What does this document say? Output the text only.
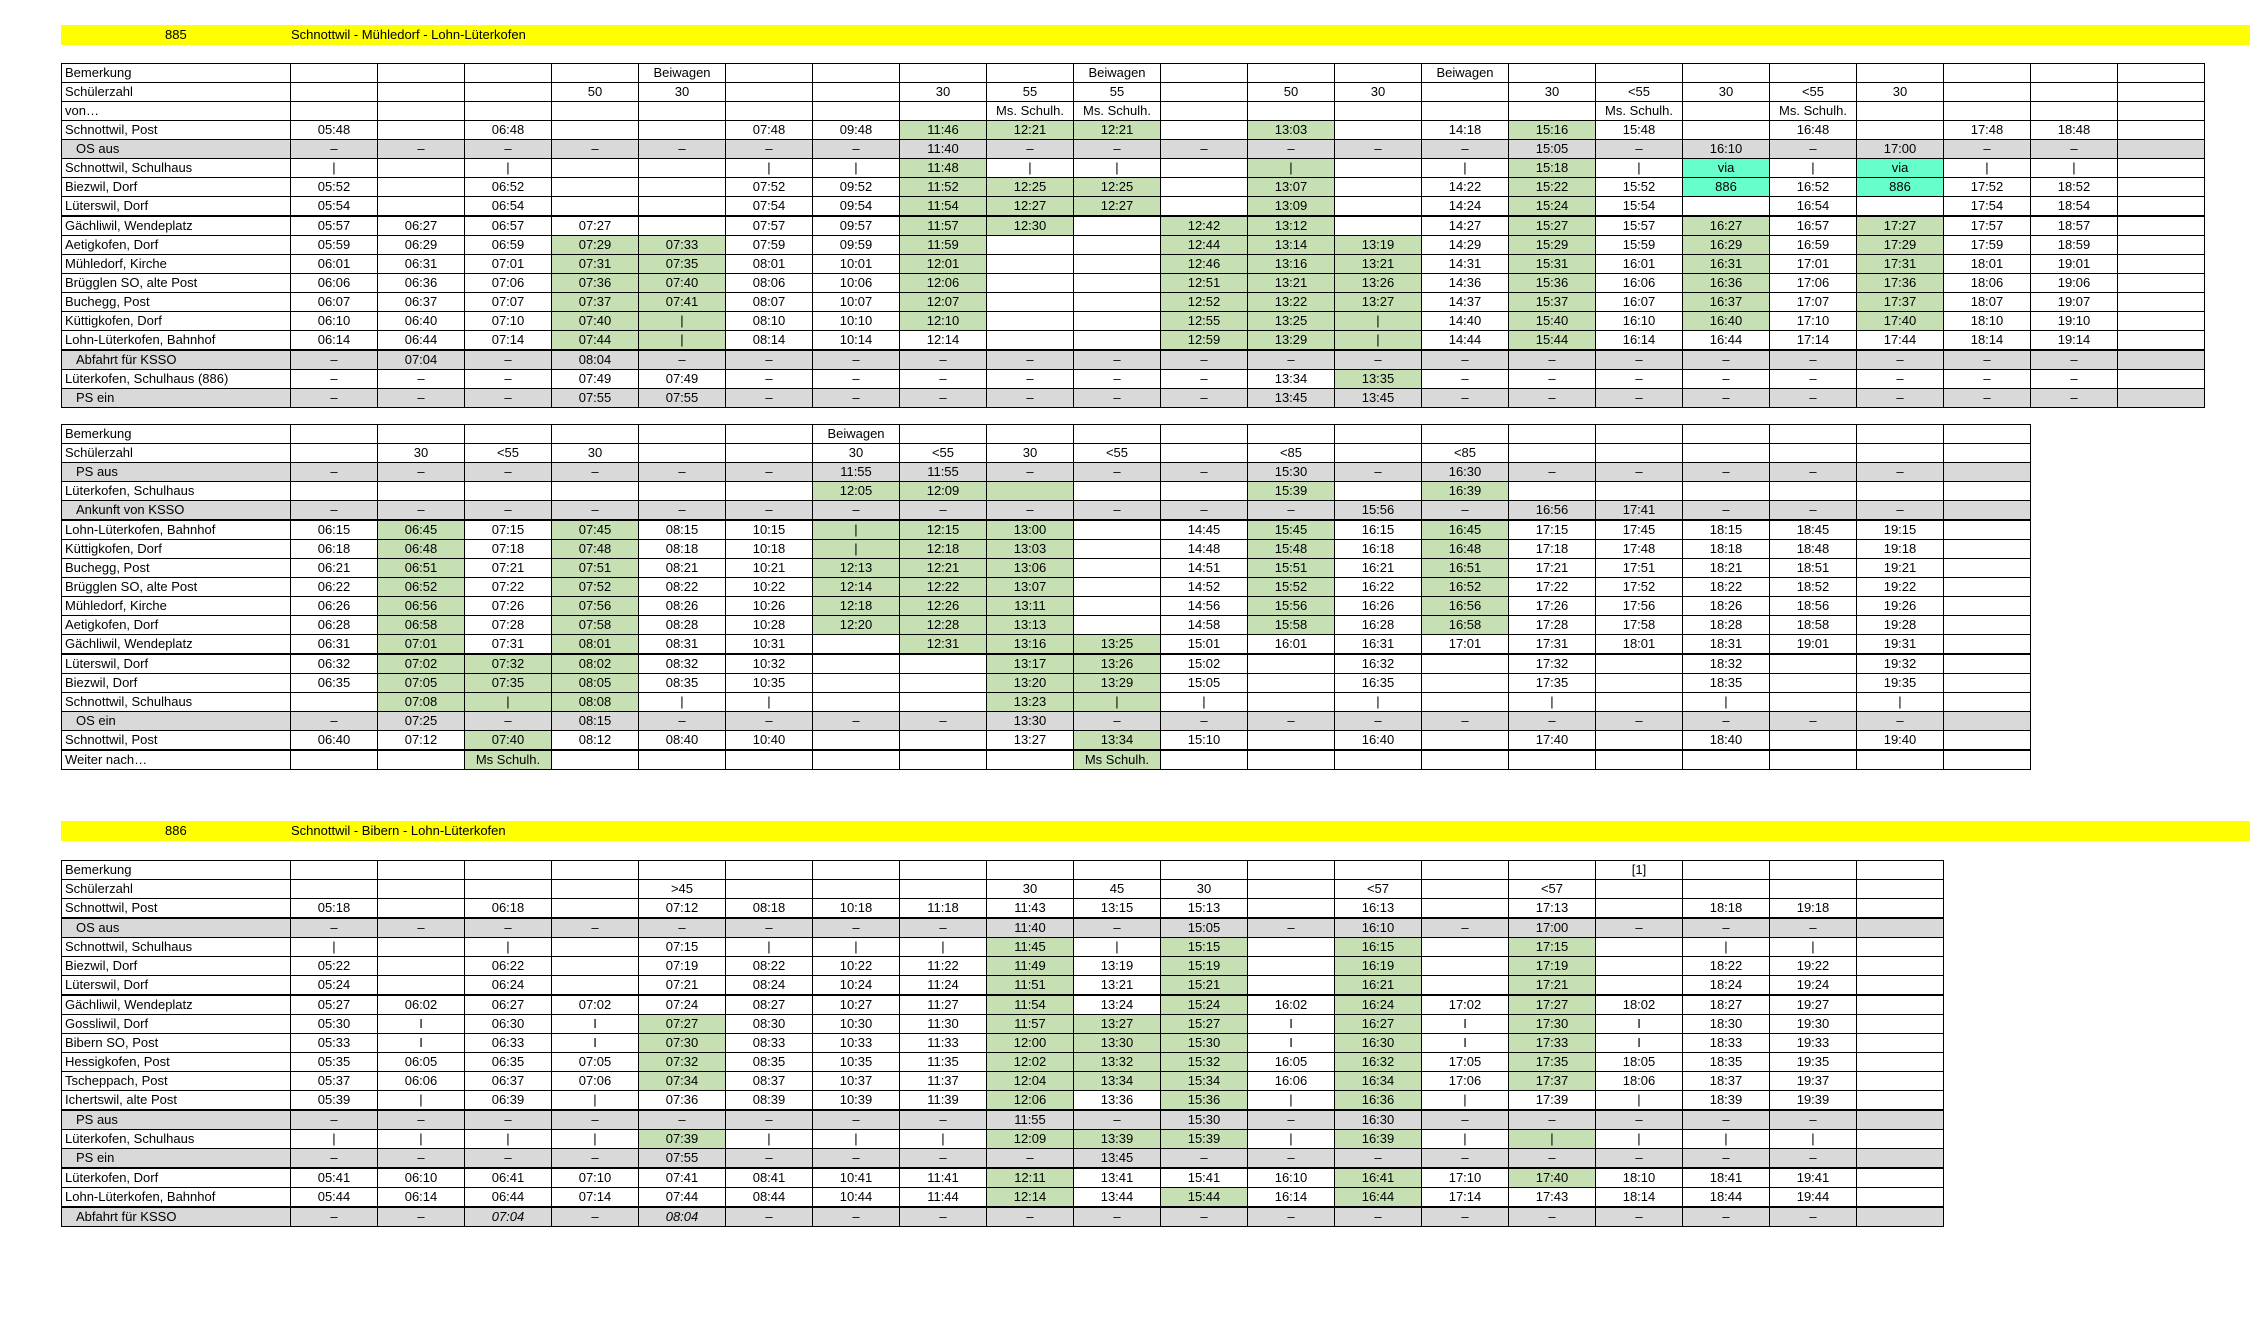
885	Schnottwil - Mühledorf - Lohn-Lüterkofen
Bemerkung					Beiwagen					Beiwagen				Beiwagen								
Schülerzahl				50	30			30	55	55		50	30		30	<55	30	<55	30			
von…									Ms. Schulh.	Ms. Schulh.						Ms. Schulh.		Ms. Schulh.				
Schnottwil, Post	05:48		06:48			07:48	09:48	11:46	12:21	12:21		13:03		14:18	15:16	15:48		16:48		17:48	18:48	
OS aus	–	–	–	–	–	–	–	11:40	–	–	–	–	–	–	15:05	–	16:10	–	17:00	–	–	
Schnottwil, Schulhaus	|		|			|	|	11:48	|	|		|		|	15:18	|	via	|	via	|	|	
Biezwil, Dorf	05:52		06:52			07:52	09:52	11:52	12:25	12:25		13:07		14:22	15:22	15:52	886	16:52	886	17:52	18:52	
Lüterswil, Dorf	05:54		06:54			07:54	09:54	11:54	12:27	12:27		13:09		14:24	15:24	15:54		16:54		17:54	18:54	
Gächliwil, Wendeplatz	05:57	06:27	06:57	07:27		07:57	09:57	11:57	12:30		12:42	13:12		14:27	15:27	15:57	16:27	16:57	17:27	17:57	18:57	
Aetigkofen, Dorf	05:59	06:29	06:59	07:29	07:33	07:59	09:59	11:59			12:44	13:14	13:19	14:29	15:29	15:59	16:29	16:59	17:29	17:59	18:59	
Mühledorf, Kirche	06:01	06:31	07:01	07:31	07:35	08:01	10:01	12:01			12:46	13:16	13:21	14:31	15:31	16:01	16:31	17:01	17:31	18:01	19:01	
Brügglen SO, alte Post	06:06	06:36	07:06	07:36	07:40	08:06	10:06	12:06			12:51	13:21	13:26	14:36	15:36	16:06	16:36	17:06	17:36	18:06	19:06	
Buchegg, Post	06:07	06:37	07:07	07:37	07:41	08:07	10:07	12:07			12:52	13:22	13:27	14:37	15:37	16:07	16:37	17:07	17:37	18:07	19:07	
Küttigkofen, Dorf	06:10	06:40	07:10	07:40	|	08:10	10:10	12:10			12:55	13:25	|	14:40	15:40	16:10	16:40	17:10	17:40	18:10	19:10	
Lohn-Lüterkofen, Bahnhof	06:14	06:44	07:14	07:44	|	08:14	10:14	12:14			12:59	13:29	|	14:44	15:44	16:14	16:44	17:14	17:44	18:14	19:14	
Abfahrt für KSSO	–	07:04	–	08:04	–	–	–	–	–	–	–	–	–	–	–	–	–	–	–	–	–	
Lüterkofen, Schulhaus (886)	–	–	–	07:49	07:49	–	–	–	–	–	–	13:34	13:35	–	–	–	–	–	–	–	–	
PS ein	–	–	–	07:55	07:55	–	–	–	–	–	–	13:45	13:45	–	–	–	–	–	–	–	–	
Bemerkung							Beiwagen													
Schülerzahl		30	<55	30			30	<55	30	<55		<85		<85						
PS aus	–	–	–	–	–	–	11:55	11:55	–	–	–	15:30	–	16:30	–	–	–	–	–	
Lüterkofen, Schulhaus							12:05	12:09				15:39		16:39						
Ankunft von KSSO	–	–	–	–	–	–	–	–	–	–	–	–	15:56	–	16:56	17:41	–	–	–	
Lohn-Lüterkofen, Bahnhof	06:15	06:45	07:15	07:45	08:15	10:15	|	12:15	13:00		14:45	15:45	16:15	16:45	17:15	17:45	18:15	18:45	19:15	
Küttigkofen, Dorf	06:18	06:48	07:18	07:48	08:18	10:18	|	12:18	13:03		14:48	15:48	16:18	16:48	17:18	17:48	18:18	18:48	19:18	
Buchegg, Post	06:21	06:51	07:21	07:51	08:21	10:21	12:13	12:21	13:06		14:51	15:51	16:21	16:51	17:21	17:51	18:21	18:51	19:21	
Brügglen SO, alte Post	06:22	06:52	07:22	07:52	08:22	10:22	12:14	12:22	13:07		14:52	15:52	16:22	16:52	17:22	17:52	18:22	18:52	19:22	
Mühledorf, Kirche	06:26	06:56	07:26	07:56	08:26	10:26	12:18	12:26	13:11		14:56	15:56	16:26	16:56	17:26	17:56	18:26	18:56	19:26	
Aetigkofen, Dorf	06:28	06:58	07:28	07:58	08:28	10:28	12:20	12:28	13:13		14:58	15:58	16:28	16:58	17:28	17:58	18:28	18:58	19:28	
Gächliwil, Wendeplatz	06:31	07:01	07:31	08:01	08:31	10:31		12:31	13:16	13:25	15:01	16:01	16:31	17:01	17:31	18:01	18:31	19:01	19:31	
Lüterswil, Dorf	06:32	07:02	07:32	08:02	08:32	10:32			13:17	13:26	15:02		16:32		17:32		18:32		19:32	
Biezwil, Dorf	06:35	07:05	07:35	08:05	08:35	10:35			13:20	13:29	15:05		16:35		17:35		18:35		19:35	
Schnottwil, Schulhaus		07:08	|	08:08	|	|			13:23	|	|		|		|		|		|	
OS ein	–	07:25	–	08:15	–	–	–	–	13:30	–	–	–	–	–	–	–	–	–	–	
Schnottwil, Post	06:40	07:12	07:40	08:12	08:40	10:40			13:27	13:34	15:10		16:40		17:40		18:40		19:40	
Weiter nach…			Ms Schulh.							Ms Schulh.										
886	Schnottwil - Bibern - Lohn-Lüterkofen
Bemerkung																[1]			
Schülerzahl					>45				30	45	30		<57		<57				
Schnottwil, Post	05:18		06:18		07:12	08:18	10:18	11:18	11:43	13:15	15:13		16:13		17:13		18:18	19:18	
OS aus	–	–	–	–	–	–	–	–	11:40	–	15:05	–	16:10	–	17:00	–	–	–	
Schnottwil, Schulhaus	|		|		07:15	|	|	|	11:45	|	15:15		16:15		17:15		|	|	
Biezwil, Dorf	05:22		06:22		07:19	08:22	10:22	11:22	11:49	13:19	15:19		16:19		17:19		18:22	19:22	
Lüterswil, Dorf	05:24		06:24		07:21	08:24	10:24	11:24	11:51	13:21	15:21		16:21		17:21		18:24	19:24	
Gächliwil, Wendeplatz	05:27	06:02	06:27	07:02	07:24	08:27	10:27	11:27	11:54	13:24	15:24	16:02	16:24	17:02	17:27	18:02	18:27	19:27	
Gossliwil, Dorf	05:30	I	06:30	I	07:27	08:30	10:30	11:30	11:57	13:27	15:27	I	16:27	I	17:30	I	18:30	19:30	
Bibern SO, Post	05:33	I	06:33	I	07:30	08:33	10:33	11:33	12:00	13:30	15:30	I	16:30	I	17:33	I	18:33	19:33	
Hessigkofen, Post	05:35	06:05	06:35	07:05	07:32	08:35	10:35	11:35	12:02	13:32	15:32	16:05	16:32	17:05	17:35	18:05	18:35	19:35	
Tscheppach, Post	05:37	06:06	06:37	07:06	07:34	08:37	10:37	11:37	12:04	13:34	15:34	16:06	16:34	17:06	17:37	18:06	18:37	19:37	
Ichertswil, alte Post	05:39	|	06:39	|	07:36	08:39	10:39	11:39	12:06	13:36	15:36	|	16:36	|	17:39	|	18:39	19:39	
PS aus	–	–	–	–	–	–	–	–	11:55	–	15:30	–	16:30	–	–	–	–	–	
Lüterkofen, Schulhaus	|	|	|	|	07:39	|	|	|	12:09	13:39	15:39	|	16:39	|	|	|	|	|	
PS ein	–	–	–	–	07:55	–	–	–	–	13:45	–	–	–	–	–	–	–	–	
Lüterkofen, Dorf	05:41	06:10	06:41	07:10	07:41	08:41	10:41	11:41	12:11	13:41	15:41	16:10	16:41	17:10	17:40	18:10	18:41	19:41	
Lohn-Lüterkofen, Bahnhof	05:44	06:14	06:44	07:14	07:44	08:44	10:44	11:44	12:14	13:44	15:44	16:14	16:44	17:14	17:43	18:14	18:44	19:44	
Abfahrt für KSSO	–	–	07:04	–	08:04	–	–	–	–	–	–	–	–	–	–	–	–	–	
